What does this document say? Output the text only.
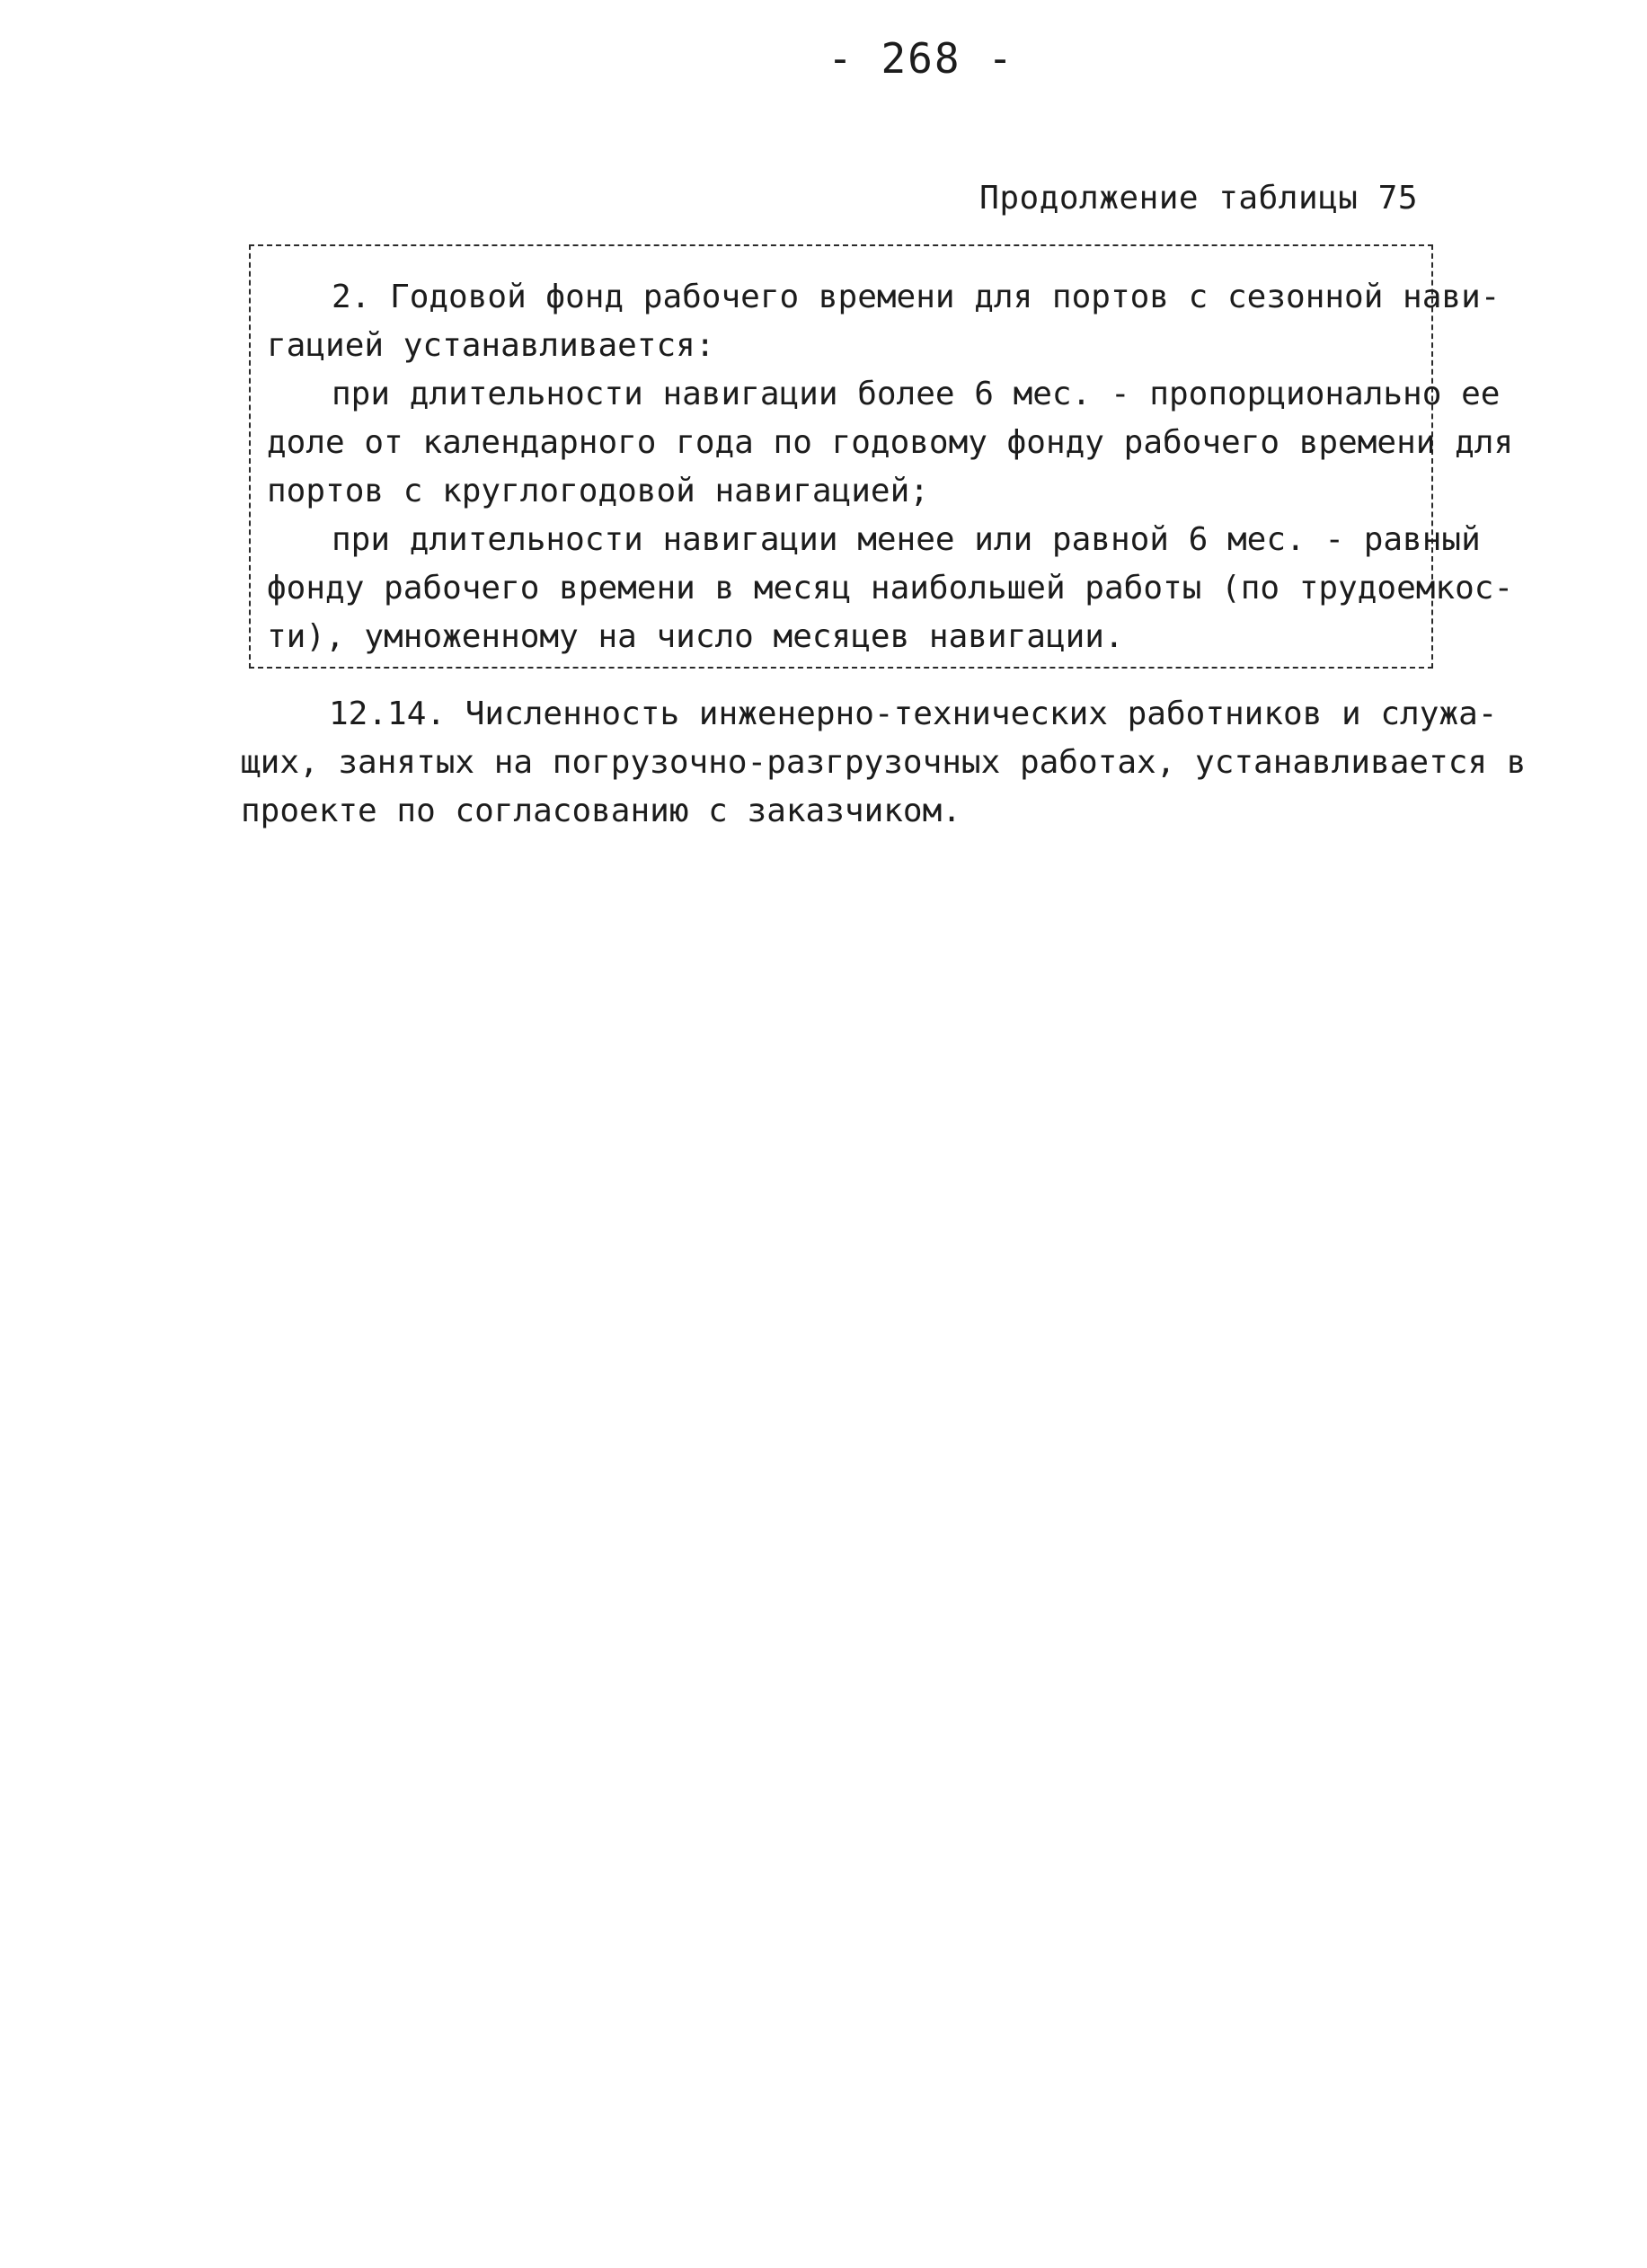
- 268 -
Продолжение таблицы 75
2. Годовой фонд рабочего времени для портов с сезонной нави-
гацией устанавливается:
при длительности навигации более 6 мес. - пропорционально ее
доле от календарного года по годовому фонду рабочего времени для
портов с круглогодовой навигацией;
при длительности навигации менее или равной 6 мес. - равный
фонду рабочего времени в месяц наибольшей работы (по трудоемкос-
ти), умноженному на число месяцев навигации.
12.14. Численность инженерно-технических работников и служа-
щих, занятых на погрузочно-разгрузочных работах, устанавливается в
проекте по согласованию с заказчиком.
